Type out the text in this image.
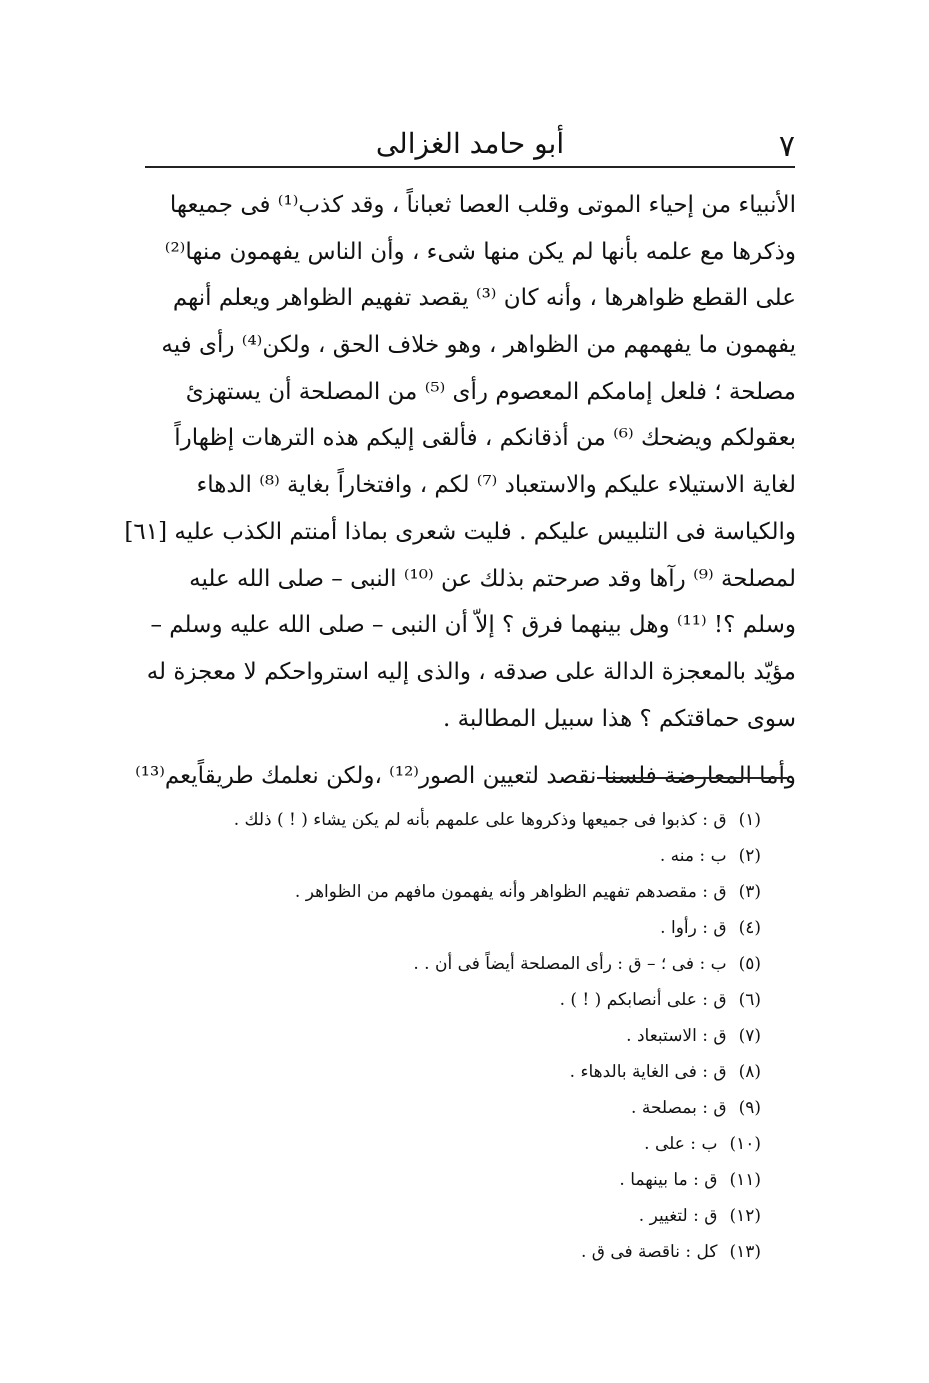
٧
أبو حامد الغزالى
الأنبياء من إحياء الموتى وقلب العصا ثعباناً ، وقد كذب⁽¹⁾ فى جميعها
وذكرها مع علمه بأنها لم يكن منها شىء ، وأن الناس يفهمون منها⁽²⁾
على القطع ظواهرها ، وأنه كان ⁽³⁾ يقصد تفهيم الظواهر ويعلم أنهم
يفهمون ما يفهمهم من الظواهر ، وهو خلاف الحق ، ولكن⁽⁴⁾ رأى فيه
مصلحة ؛ فلعل إمامكم المعصوم رأى ⁽⁵⁾ من المصلحة أن يستهزئ
بعقولكم ويضحك ⁽⁶⁾ من أذقانكم ، فألقى إليكم هذه الترهات إظهاراً
لغاية الاستيلاء عليكم والاستعباد ⁽⁷⁾ لكم ، وافتخاراً بغاية ⁽⁸⁾ الدهاء
والكياسة فى التلبيس عليكم . فليت شعرى بماذا أمنتم الكذب عليه [٦١]
لمصلحة ⁽⁹⁾ رآها وقد صرحتم بذلك عن ⁽¹⁰⁾ النبى – صلى الله عليه
وسلم ؟! ⁽¹¹⁾ وهل بينهما فرق ؟ إلاّ أن النبى – صلى الله عليه وسلم –
مؤيّد بالمعجزة الدالة على صدقه ، والذى إليه استرواحكم لا معجزة له
سوى حماقتكم ؟ هذا سبيل المطالبة .
وأما المعارضة فلسنا نقصد لتعيين الصور⁽¹²⁾ ،ولكن نعلمك طريقاًيعم⁽¹³⁾
(١)ق : كذبوا فى جميعها وذكروها على علمهم بأنه لم يكن يشاء ( ! ) ذلك .
(٢)ب : منه .
(٣)ق : مقصدهم تفهيم الظواهر وأنه يفهمون مافهم من الظواهر .
(٤)ق : رأوا .
(٥)ب : فى ؛ – ق : رأى المصلحة أيضاً فى أن . .
(٦)ق : على أنصابكم ( ! ) .
(٧)ق : الاستبعاد .
(٨)ق : فى الغاية بالدهاء .
(٩)ق : بمصلحة .
(١٠)ب : على .
(١١)ق : ما بينهما .
(١٢)ق : لتغيير .
(١٣)كل : ناقصة فى ق .
